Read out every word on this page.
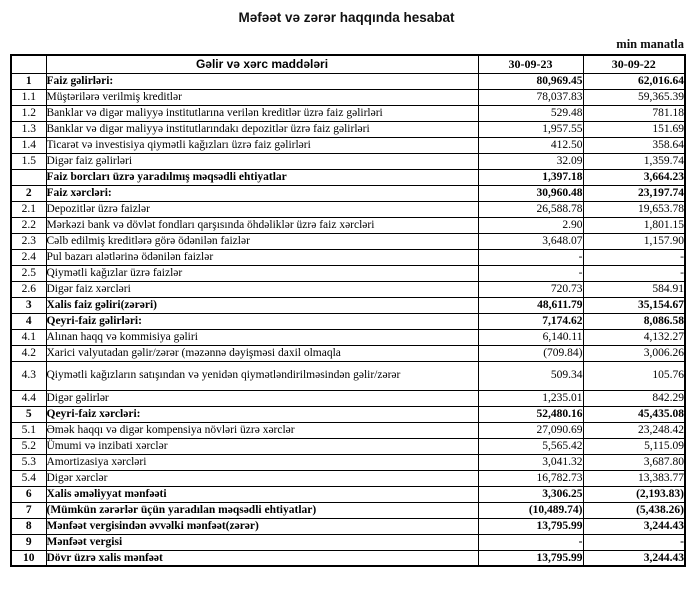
Məfəət və zərər haqqında hesabat
min manatla
	Gəlir və xərc maddələri	30-09-23	30-09-22
1	Faiz gəlirləri:	80,969.45	62,016.64
1.1	Müştərilərə verilmiş kreditlər	78,037.83	59,365.39
1.2	Banklar və digər maliyyə institutlarına verilən kreditlər üzrə faiz gəlirləri	529.48	781.18
1.3	Banklar və digər maliyyə institutlarındakı depozitlər üzrə faiz gəlirləri	1,957.55	151.69
1.4	Ticarət və investisiya qiymətli kağızları üzrə faiz gəlirləri	412.50	358.64
1.5	Digər faiz gəlirləri	32.09	1,359.74
	Faiz borcları üzrə yaradılmış məqsədli ehtiyatlar	1,397.18	3,664.23
2	Faiz xərcləri:	30,960.48	23,197.74
2.1	Depozitlər üzrə faizlər	26,588.78	19,653.78
2.2	Mərkəzi bank və dövlət fondları qarşısında öhdəliklər üzrə faiz xərcləri	2.90	1,801.15
2.3	Cəlb edilmiş kreditlərə görə ödənilən faizlər	3,648.07	1,157.90
2.4	Pul bazarı alətlərinə ödənilən faizlər	-	-
2.5	Qiymətli kağızlar üzrə faizlər	-	-
2.6	Digər faiz xərcləri	720.73	584.91
3	Xalis faiz gəliri(zərəri)	48,611.79	35,154.67
4	Qeyri-faiz gəlirləri:	7,174.62	8,086.58
4.1	Alınan haqq və kommisiya gəliri	6,140.11	4,132.27
4.2	Xarici valyutadan gəlir/zərər (məzənnə dəyişməsi daxil olmaqla	(709.84)	3,006.26
4.3	Qiymətli kağızların satışından və yenidən qiymətləndirilməsindən gəlir/zərər	509.34	105.76
4.4	Digər gəlirlər	1,235.01	842.29
5	Qeyri-faiz xərcləri:	52,480.16	45,435.08
5.1	Əmək haqqı və digər kompensiya növləri üzrə xərclər	27,090.69	23,248.42
5.2	Ümumi və inzibati xərclər	5,565.42	5,115.09
5.3	Amortizasiya xərcləri	3,041.32	3,687.80
5.4	Digər xərclər	16,782.73	13,383.77
6	Xalis əməliyyat mənfəəti	3,306.25	(2,193.83)
7	(Mümkün zərərlər üçün yaradılan məqsədli ehtiyatlar)	(10,489.74)	(5,438.26)
8	Mənfəət vergisindən əvvəlki mənfəət(zərər)	13,795.99	3,244.43
9	Mənfəət vergisi	-	-
10	Dövr üzrə xalis mənfəət	13,795.99	3,244.43
